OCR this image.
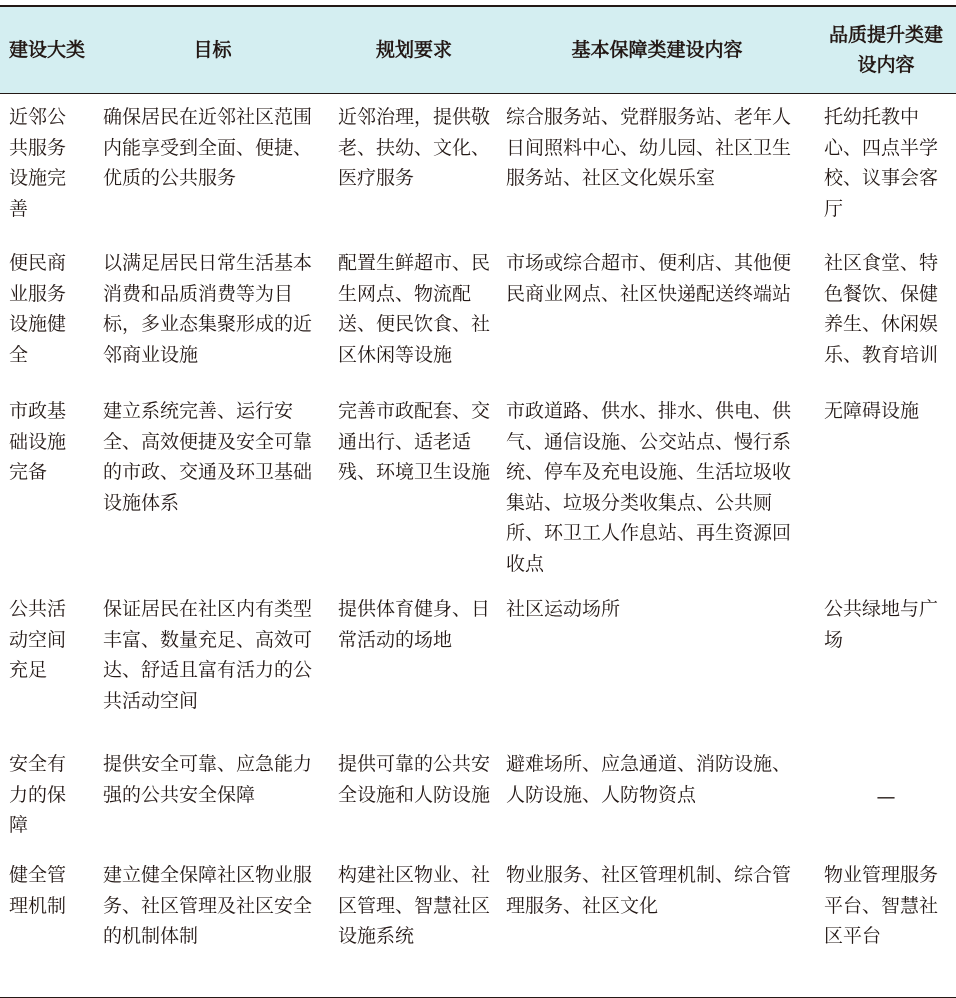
建设大类	目标	规划要求	基本保障类建设内容	品质提升类建设内容
近邻公共服务设施完善	确保居民在近邻社区范围内能享受到全面、便捷、优质的公共服务	近邻治理，提供敬老、扶幼、文化、医疗服务	综合服务站、党群服务站、老年人日间照料中心、幼儿园、社区卫生服务站、社区文化娱乐室	托幼托教中心、四点半学校、议事会客厅
便民商业服务设施健全	以满足居民日常生活基本消费和品质消费等为目标，多业态集聚形成的近邻商业设施	配置生鲜超市、民生网点、物流配送、便民饮食、社区休闲等设施	市场或综合超市、便利店、其他便民商业网点、社区快递配送终端站	社区食堂、特色餐饮、保健养生、休闲娱乐、教育培训
市政基础设施完备	建立系统完善、运行安全、高效便捷及安全可靠的市政、交通及环卫基础设施体系	完善市政配套、交通出行、适老适残、环境卫生设施	市政道路、供水、排水、供电、供气、通信设施、公交站点、慢行系统、停车及充电设施、生活垃圾收集站、垃圾分类收集点、公共厕所、环卫工人作息站、再生资源回收点	无障碍设施
公共活动空间充足	保证居民在社区内有类型丰富、数量充足、高效可达、舒适且富有活力的公共活动空间	提供体育健身、日常活动的场地	社区运动场所	公共绿地与广场
安全有力的保障	提供安全可靠、应急能力强的公共安全保障	提供可靠的公共安全设施和人防设施	避难场所、应急通道、消防设施、人防设施、人防物资点	—
健全管理机制	建立健全保障社区物业服务、社区管理及社区安全的机制体制	构建社区物业、社区管理、智慧社区设施系统	物业服务、社区管理机制、综合管理服务、社区文化	物业管理服务平台、智慧社区平台
